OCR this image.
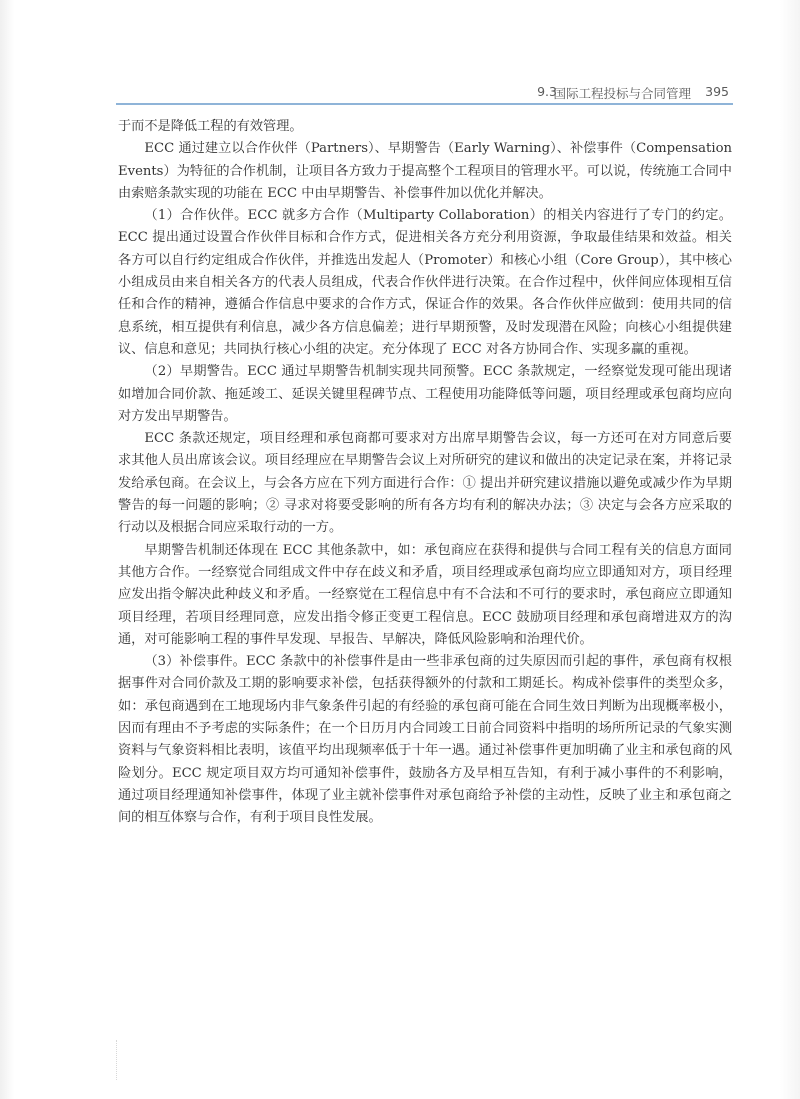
9.3
国际工程投标与合同管理 395

于而不是降低工程的有效管理。

ECC 通过建立以合作伙伴（Partners）、早期警告（Early Warning）、补偿事件（Compensation Events）为特征的合作机制，让项目各方致力于提高整个工程项目的管理水平。可以说，传统施工合同中由索赔条款实现的功能在 ECC 中由早期警告、补偿事件加以优化并解决。

（1）合作伙伴。ECC 就多方合作（Multiparty Collaboration）的相关内容进行了专门的约定。ECC 提出通过设置合作伙伴目标和合作方式，促进相关各方充分利用资源，争取最佳结果和效益。相关各方可以自行约定组成合作伙伴，并推选出发起人（Promoter）和核心小组（Core Group），其中核心小组成员由来自相关各方的代表人员组成，代表合作伙伴进行决策。在合作过程中，伙伴间应体现相互信任和合作的精神，遵循合作信息中要求的合作方式，保证合作的效果。各合作伙伴应做到：使用共同的信息系统，相互提供有利信息，减少各方信息偏差；进行早期预警，及时发现潜在风险；向核心小组提供建议、信息和意见；共同执行核心小组的决定。充分体现了 ECC 对各方协同合作、实现多赢的重视。

（2）早期警告。ECC 通过早期警告机制实现共同预警。ECC 条款规定，一经察觉发现可能出现诸如增加合同价款、拖延竣工、延误关键里程碑节点、工程使用功能降低等问题，项目经理或承包商均应向对方发出早期警告。

ECC 条款还规定，项目经理和承包商都可要求对方出席早期警告会议，每一方还可在对方同意后要求其他人员出席该会议。项目经理应在早期警告会议上对所研究的建议和做出的决定记录在案，并将记录发给承包商。在会议上，与会各方应在下列方面进行合作：① 提出并研究建议措施以避免或减少作为早期警告的每一问题的影响；② 寻求对将要受影响的所有各方均有利的解决办法；③ 决定与会各方应采取的行动以及根据合同应采取行动的一方。

早期警告机制还体现在 ECC 其他条款中，如：承包商应在获得和提供与合同工程有关的信息方面同其他方合作。一经察觉合同组成文件中存在歧义和矛盾，项目经理或承包商均应立即通知对方，项目经理应发出指令解决此种歧义和矛盾。一经察觉在工程信息中有不合法和不可行的要求时，承包商应立即通知项目经理，若项目经理同意，应发出指令修正变更工程信息。ECC 鼓励项目经理和承包商增进双方的沟通，对可能影响工程的事件早发现、早报告、早解决，降低风险影响和治理代价。

（3）补偿事件。ECC 条款中的补偿事件是由一些非承包商的过失原因而引起的事件，承包商有权根据事件对合同价款及工期的影响要求补偿，包括获得额外的付款和工期延长。构成补偿事件的类型众多，如：承包商遇到在工地现场内非气象条件引起的有经验的承包商可能在合同生效日判断为出现概率极小，因而有理由不予考虑的实际条件；在一个日历月内合同竣工日前合同资料中指明的场所所记录的气象实测资料与气象资料相比表明，该值平均出现频率低于十年一遇。通过补偿事件更加明确了业主和承包商的风险划分。ECC 规定项目双方均可通知补偿事件，鼓励各方及早相互告知，有利于减小事件的不利影响，通过项目经理通知补偿事件，体现了业主就补偿事件对承包商给予补偿的主动性，反映了业主和承包商之间的相互体察与合作，有利于项目良性发展。
